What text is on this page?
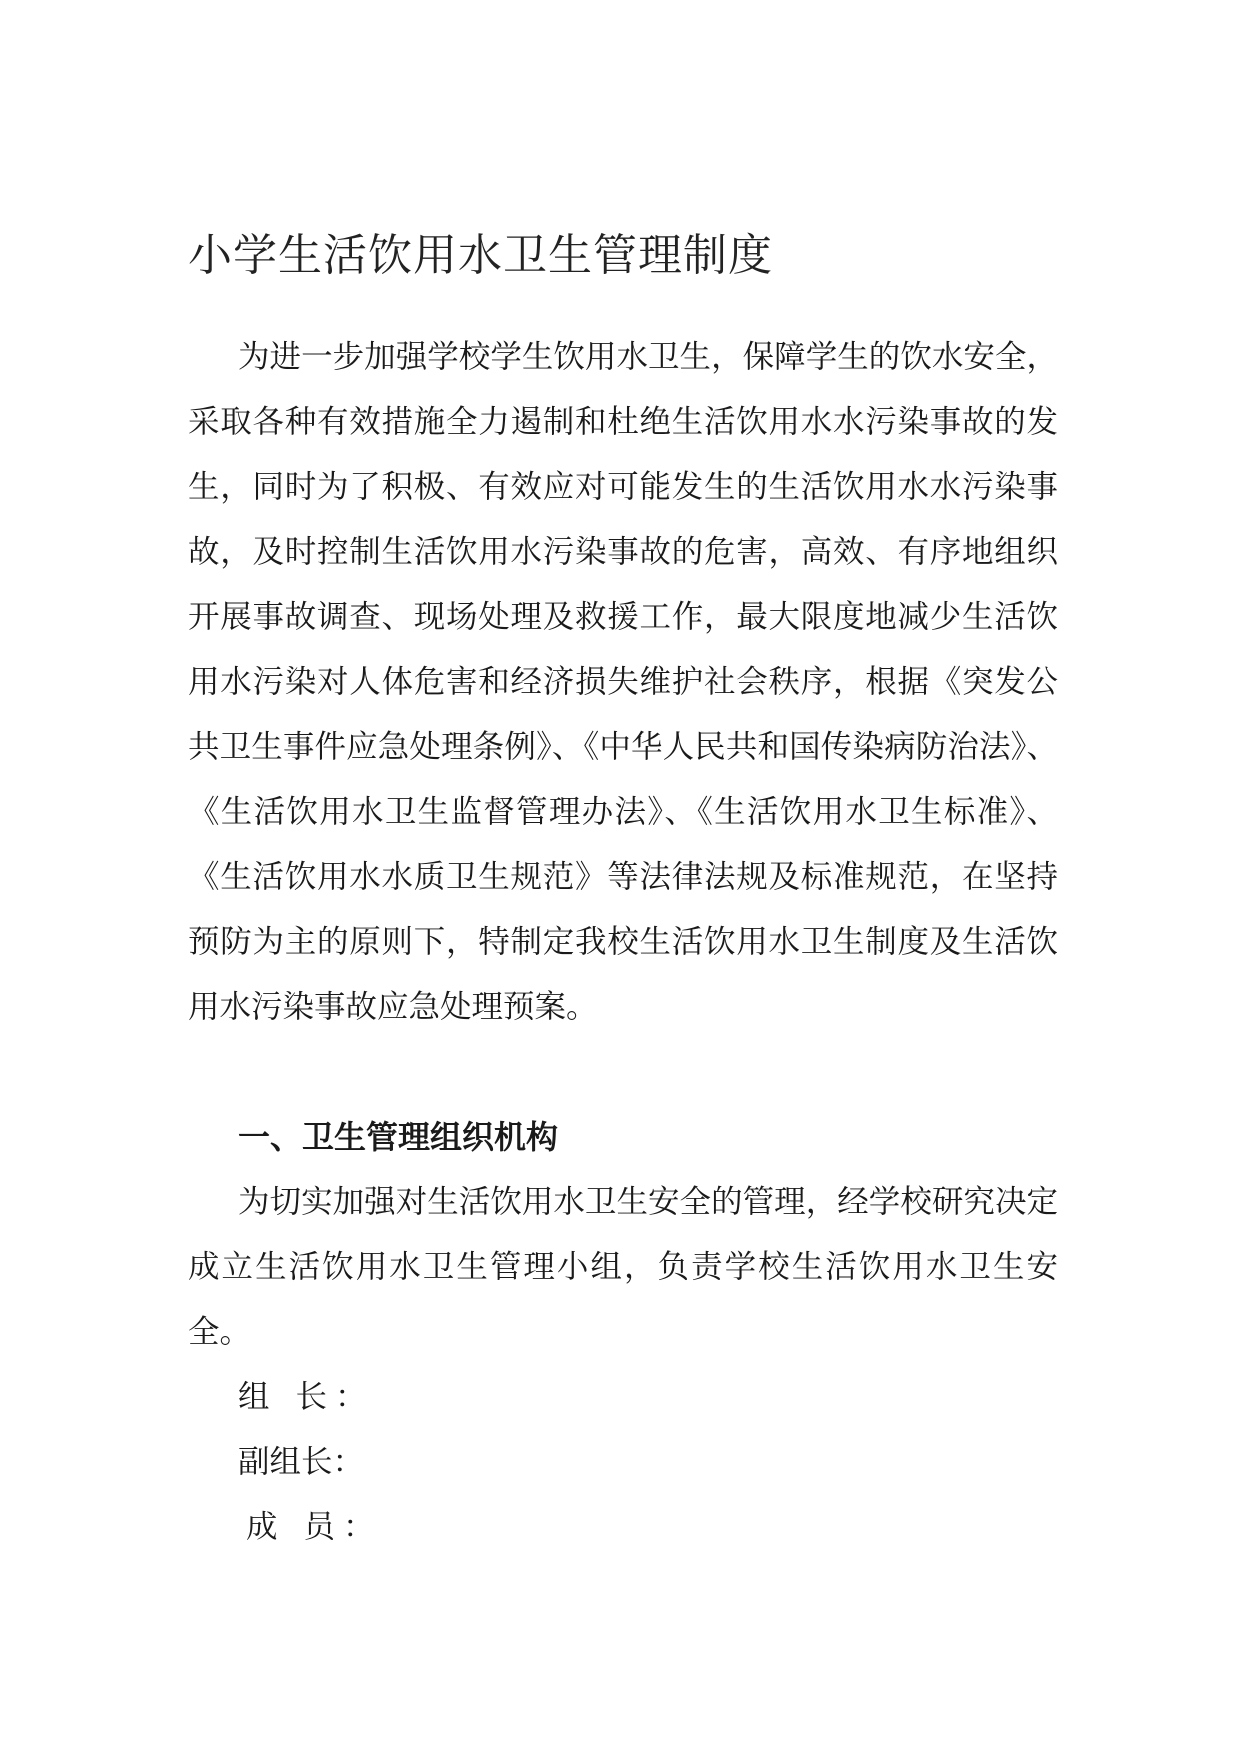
小学生活饮用水卫生管理制度

为进一步加强学校学生饮用水卫生，保障学生的饮水安全，采取各种有效措施全力遏制和杜绝生活饮用水水污染事故的发生，同时为了积极、有效应对可能发生的生活饮用水水污染事故，及时控制生活饮用水污染事故的危害，高效、有序地组织开展事故调查、现场处理及救援工作，最大限度地减少生活饮用水污染对人体危害和经济损失维护社会秩序，根据《突发公共卫生事件应急处理条例》、《中华人民共和国传染病防治法》、《生活饮用水卫生监督管理办法》、《生活饮用水卫生标准》、《生活饮用水水质卫生规范》等法律法规及标准规范，在坚持预防为主的原则下，特制定我校生活饮用水卫生制度及生活饮用水污染事故应急处理预案。

一、卫生管理组织机构

为切实加强对生活饮用水卫生安全的管理，经学校研究决定成立生活饮用水卫生管理小组，负责学校生活饮用水卫生安全。

组 长：

副组长：

成 员：
